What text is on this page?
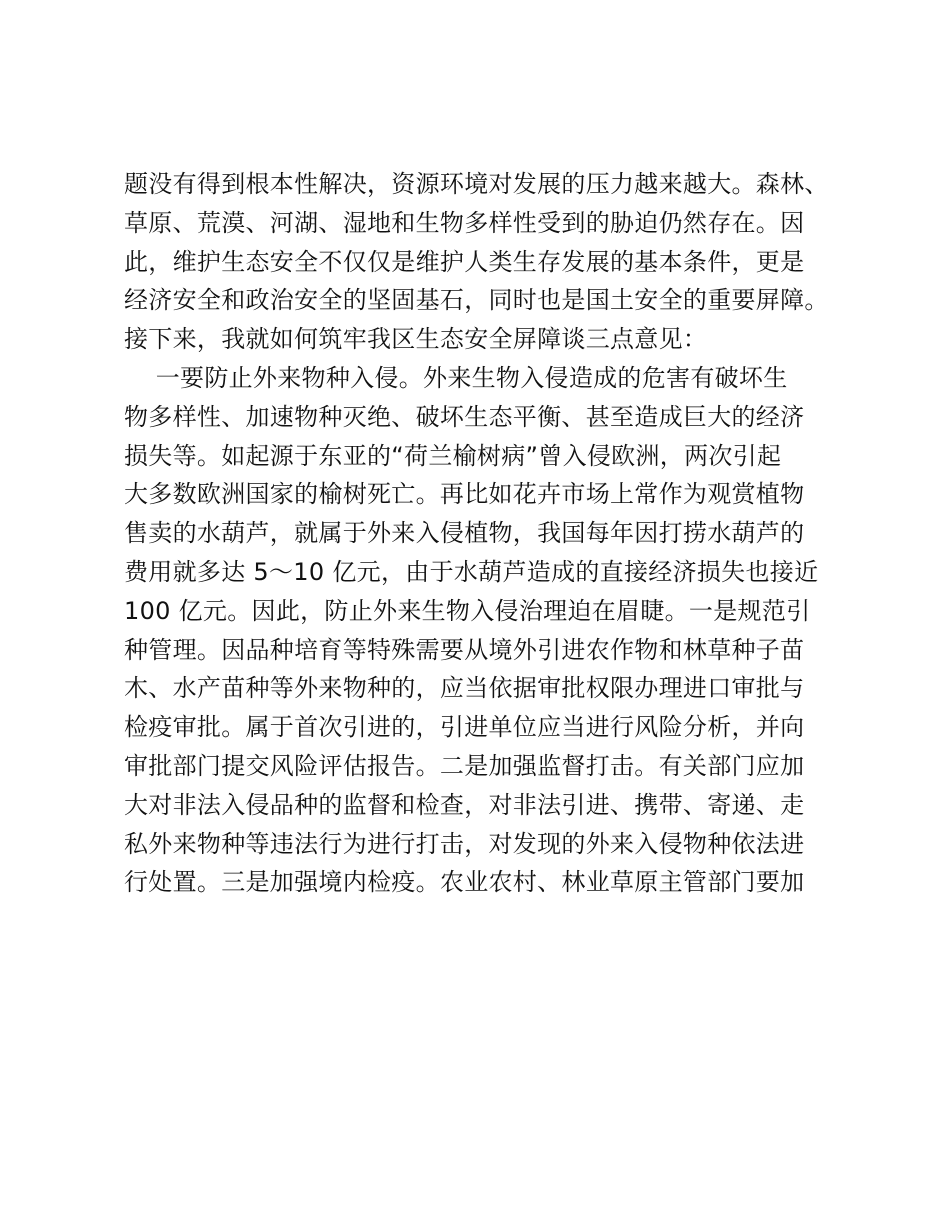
题没有得到根本性解决，资源环境对发展的压力越来越大。森林、
草原、荒漠、河湖、湿地和生物多样性受到的胁迫仍然存在。因
此，维护生态安全不仅仅是维护人类生存发展的基本条件，更是
经济安全和政治安全的坚固基石，同时也是国土安全的重要屏障。
接下来，我就如何筑牢我区生态安全屏障谈三点意见：
一要防止外来物种入侵。外来生物入侵造成的危害有破坏生
物多样性、加速物种灭绝、破坏生态平衡、甚至造成巨大的经济
损失等。如起源于东亚的“荷兰榆树病”曾入侵欧洲，两次引起
大多数欧洲国家的榆树死亡。再比如花卉市场上常作为观赏植物
售卖的水葫芦，就属于外来入侵植物，我国每年因打捞水葫芦的
费用就多达 5～10 亿元，由于水葫芦造成的直接经济损失也接近
100 亿元。因此，防止外来生物入侵治理迫在眉睫。一是规范引
种管理。因品种培育等特殊需要从境外引进农作物和林草种子苗
木、水产苗种等外来物种的，应当依据审批权限办理进口审批与
检疫审批。属于首次引进的，引进单位应当进行风险分析，并向
审批部门提交风险评估报告。二是加强监督打击。有关部门应加
大对非法入侵品种的监督和检查，对非法引进、携带、寄递、走
私外来物种等违法行为进行打击，对发现的外来入侵物种依法进
行处置。三是加强境内检疫。农业农村、林业草原主管部门要加
